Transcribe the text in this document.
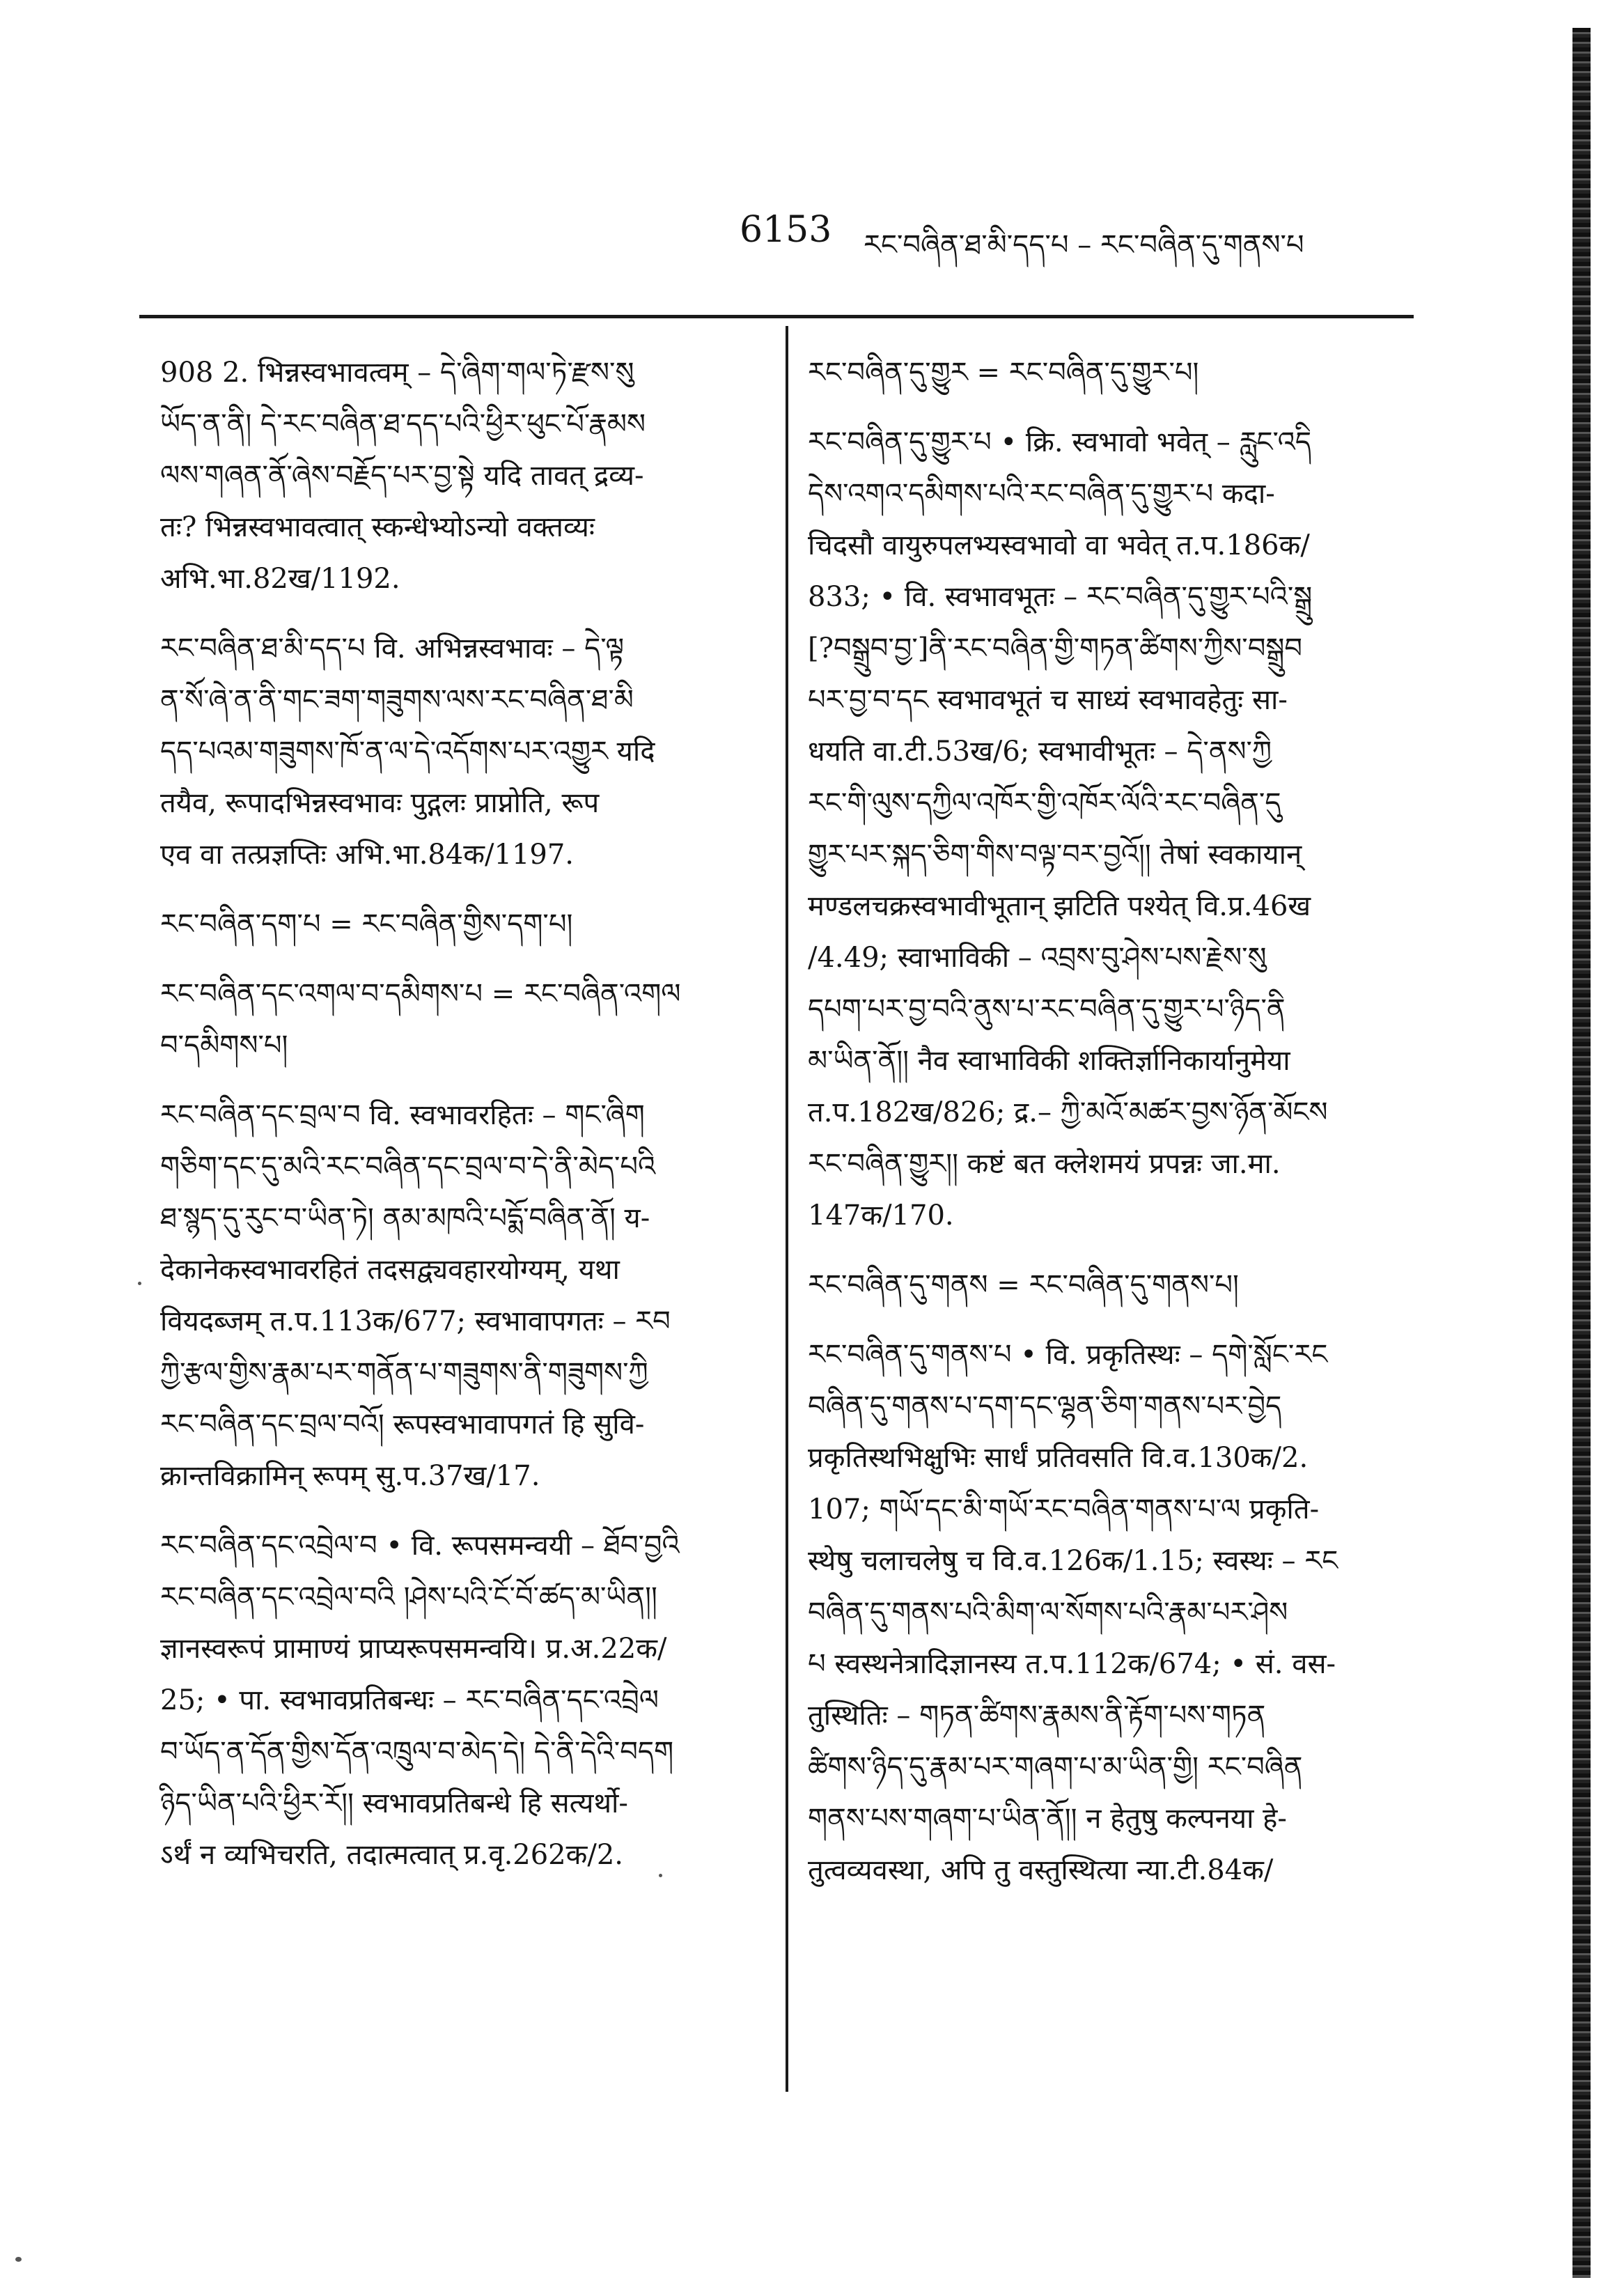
6153 རང་བཞིན་ཐ་མི་དད་པ – རང་བཞིན་དུ་གནས་པ
908 2. भिन्नस्वभावत्वम् – དེ་ཞིག་གལ་ཏེ་རྫས་སུ
ཡོད་ན་ནི། དེ་རང་བཞིན་ཐ་དད་པའི་ཕྱིར་ཕུང་པོ་རྣམས
ལས་གཞན་ནོ་ཞེས་བརྗོད་པར་བྱ་སྟེ यदि तावत् द्रव्य-
तः? भिन्नस्वभावत्वात् स्कन्धेभ्योऽन्यो वक्तव्यः
अभि.भा.82ख/1192.
རང་བཞིན་ཐ་མི་དད་པ वि. अभिन्नस्वभावः – དེ་ལྟ
ན་སོ་ཞེ་ན་ནི་གང་ཟག་གཟུགས་ལས་རང་བཞིན་ཐ་མི
དད་པའམ་གཟུགས་ཁོ་ན་ལ་དེ་འདོགས་པར་འགྱུར यदि
तयैव, रूपादभिन्नस्वभावः पुद्गलः प्राप्नोति, रूप
एव वा तत्प्रज्ञप्तिः अभि.भा.84क/1197.
རང་བཞིན་དག་པ = རང་བཞིན་གྱིས་དག་པ།
རང་བཞིན་དང་འགལ་བ་དམིགས་པ = རང་བཞིན་འགལ
བ་དམིགས་པ།
རང་བཞིན་དང་བྲལ་བ वि. स्वभावरहितः – གང་ཞིག
གཅིག་དང་དུ་མའི་རང་བཞིན་དང་བྲལ་བ་དེ་ནི་མེད་པའི
ཐ་སྙད་དུ་རུང་བ་ཡིན་ཏེ། ནམ་མཁའི་པདྨོ་བཞིན་ནོ། य-
देकानेकस्वभावरहितं तदसद्व्यवहारयोग्यम्, यथा
वियदब्जम् त.प.113क/677; स्वभावापगतः – རབ
ཀྱི་རྩལ་གྱིས་རྣམ་པར་གནོན་པ་གཟུགས་ནི་གཟུགས་ཀྱི
རང་བཞིན་དང་བྲལ་བའོ། रूपस्वभावापगतं हि सुवि-
क्रान्तविक्रामिन् रूपम् सु.प.37ख/17.
རང་བཞིན་དང་འབྲེལ་བ • वि. रूपसमन्वयी – ཐོབ་བྱའི
རང་བཞིན་དང་འབྲེལ་བའི །ཤེས་པའི་ངོ་བོ་ཚད་མ་ཡིན།།
ज्ञानस्वरूपं प्रामाण्यं प्राप्यरूपसमन्वयि। प्र.अ.22क/
25; • पा. स्वभावप्रतिबन्धः – རང་བཞིན་དང་འབྲེལ
བ་ཡོད་ན་དོན་གྱིས་དོན་འཁྲུལ་བ་མེད་དེ། དེ་ནི་དེའི་བདག
ཉིད་ཡིན་པའི་ཕྱིར་རོ།། स्वभावप्रतिबन्धे हि सत्यर्थो-
ऽर्थं न व्यभिचरति, तदात्मत्वात् प्र.वृ.262क/2.
རང་བཞིན་དུ་གྱུར = རང་བཞིན་དུ་གྱུར་པ།
རང་བཞིན་དུ་གྱུར་པ • क्रि. स्वभावो भवेत् – རླུང་འདི
དེས་འགའ་དམིགས་པའི་རང་བཞིན་དུ་གྱུར་པ कदा-
चिदसौ वायुरुपलभ्यस्वभावो वा भवेत् त.प.186क/
833; • वि. स्वभावभूतः – རང་བཞིན་དུ་གྱུར་པའི་སྒྲུ
[?བསྒྲུབ་བྱ་]ནི་རང་བཞིན་གྱི་གཏན་ཚིགས་ཀྱིས་བསྒྲུབ
པར་བྱ་བ་དང स्वभावभूतं च साध्यं स्वभावहेतुः सा-
धयति वा.टी.53ख/6; स्वभावीभूतः – དེ་ནས་ཀྱི
རང་གི་ལུས་དཀྱིལ་འཁོར་གྱི་འཁོར་ལོའི་རང་བཞིན་དུ
གྱུར་པར་སྐད་ཅིག་གིས་བལྟ་བར་བྱའོ།། तेषां स्वकायान्
मण्डलचक्रस्वभावीभूतान् झटिति पश्येत् वि.प्र.46ख
/4.49; स्वाभाविकी – འབྲས་བུ་ཤེས་པས་རྗེས་སུ
དཔག་པར་བྱ་བའི་ནུས་པ་རང་བཞིན་དུ་གྱུར་པ་ཉིད་ནི
མ་ཡིན་ནོ།། नैव स्वाभाविकी शक्तिर्ज्ञानिकार्यानुमेया
त.प.182ख/826; द्र.– ཀྱི་མའོ་མཚར་བྱས་ཉོན་མོངས
རང་བཞིན་གྱུར།། कष्टं बत क्लेशमयं प्रपन्नः जा.मा.
147क/170.
རང་བཞིན་དུ་གནས = རང་བཞིན་དུ་གནས་པ།
རང་བཞིན་དུ་གནས་པ • वि. प्रकृतिस्थः – དགེ་སློང་རང
བཞིན་དུ་གནས་པ་དག་དང་ལྷན་ཅིག་གནས་པར་བྱེད
प्रकृतिस्थभिक्षुभिः सार्धं प्रतिवसति वि.व.130क/2.
107; གཡོ་དང་མི་གཡོ་རང་བཞིན་གནས་པ་ལ प्रकृति-
स्थेषु चलाचलेषु च वि.व.126क/1.15; स्वस्थः – རང
བཞིན་དུ་གནས་པའི་མིག་ལ་སོགས་པའི་རྣམ་པར་ཤེས
པ स्वस्थनेत्रादिज्ञानस्य त.प.112क/674; • सं. वस-
तुस्थितिः – གཏན་ཚིགས་རྣམས་ནི་རྟོག་པས་གཏན
ཚིགས་ཉིད་དུ་རྣམ་པར་གཞག་པ་མ་ཡིན་གྱི། རང་བཞིན
གནས་པས་གཞག་པ་ཡིན་ནོ།། न हेतुषु कल्पनया हे-
तुत्वव्यवस्था, अपि तु वस्तुस्थित्या न्या.टी.84क/
